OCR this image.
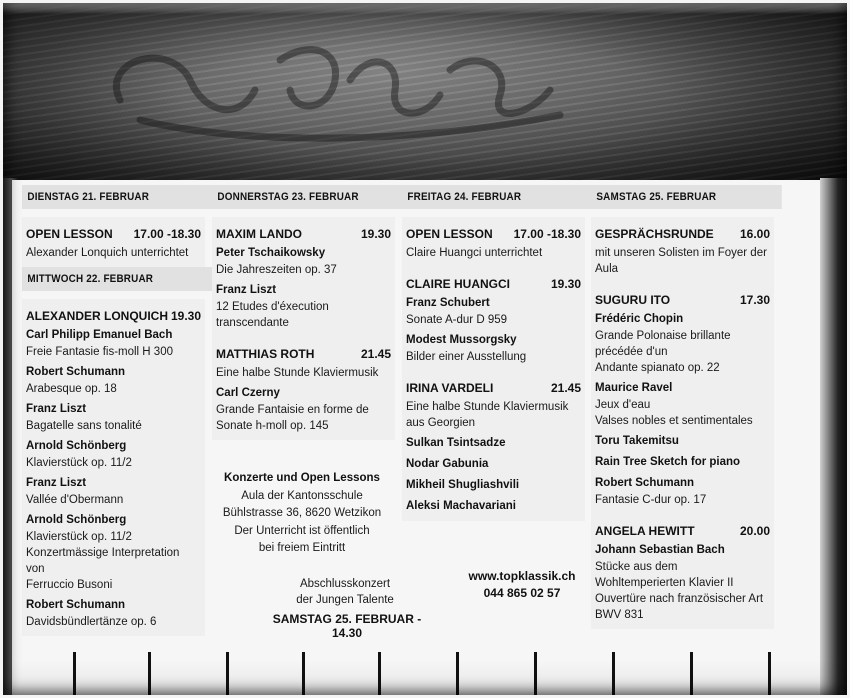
DIENSTAG 21. FEBRUAR
OPEN LESSON 17.00 -18.30
Alexander Lonquich unterrichtet
MITTWOCH 22. FEBRUAR
ALEXANDER LONQUICH 19.30
Carl Philipp Emanuel Bach
Freie Fantasie fis-moll H 300
Robert Schumann
Arabesque op. 18
Franz Liszt
Bagatelle sans tonalité
Arnold Schönberg
Klavierstück op. 11/2
Franz Liszt
Vallée d'Obermann
Arnold Schönberg
Klavierstück op. 11/2
Konzertmässige Interpretation von
Ferruccio Busoni
Robert Schumann
Davidsbündlertänze op. 6
DONNERSTAG 23. FEBRUAR
MAXIM LANDO	19.30
Peter Tschaikowsky
Die Jahreszeiten op. 37
Franz Liszt
12 Etudes d'éxecution transcendante
MATTHIAS ROTH	21.45
Eine halbe Stunde Klaviermusik
Carl Czerny
Grande Fantaisie en forme de
Sonate h-moll op. 145
FREITAG 24. FEBRUAR
OPEN LESSON 17.00 -18.30
Claire Huangci unterrichtet
CLAIRE HUANGCI	19.30
Franz Schubert
Sonate A-dur D 959
Modest Mussorgsky
Bilder einer Ausstellung
IRINA VARDELI	21.45
Eine halbe Stunde Klaviermusik
aus Georgien
Sulkan Tsintsadze
Nodar Gabunia
Mikheil Shugliashvili
Aleksi Machavariani
SAMSTAG 25. FEBRUAR
GESPRÄCHSRUNDE 16.00
mit unseren Solisten im Foyer der Aula
SUGURU ITO	17.30
Frédéric Chopin
Grande Polonaise brillante précédée d'un
Andante spianato op. 22
Maurice Ravel
Jeux d'eau
Valses nobles et sentimentales
Toru Takemitsu
Rain Tree Sketch for piano
Robert Schumann
Fantasie C-dur op. 17
ANGELA HEWITT	20.00
Johann Sebastian Bach
Stücke aus dem
Wohltemperierten Klavier II
Ouvertüre nach französischer Art BWV 831
Konzerte und Open Lessons
Aula der Kantonsschule
Bühlstrasse 36, 8620 Wetzikon
Der Unterricht ist öffentlich
bei freiem Eintritt
Abschlusskonzert
der Jungen Talente
SAMSTAG 25. FEBRUAR - 14.30
www.topklassik.ch
044 865 02 57
